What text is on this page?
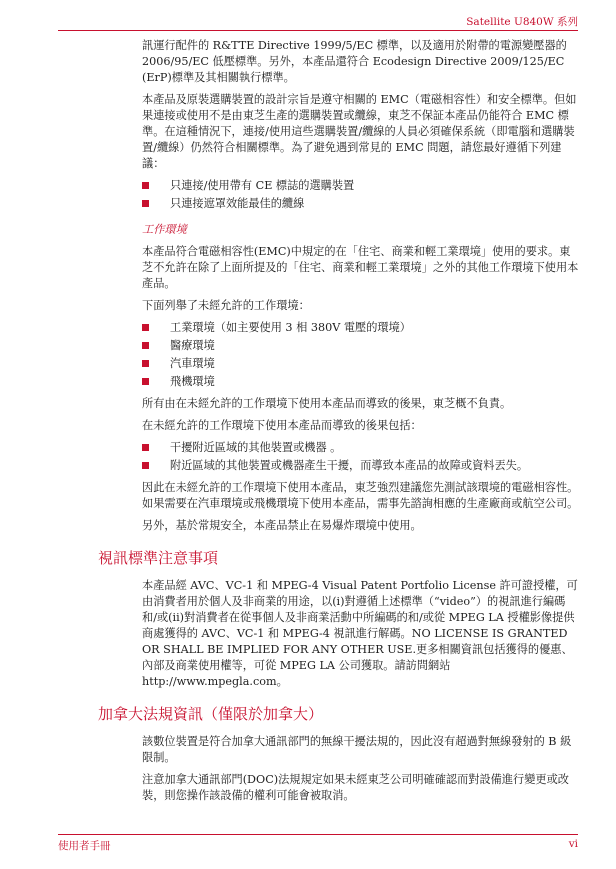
Satellite U840W 系列

訊運行配件的 R&TTE Directive 1999/5/EC 標準，以及適用於附帶的電源變壓器的 2006/95/EC 低壓標準。另外，本產品還符合 Ecodesign Directive 2009/125/EC (ErP)標準及其相關執行標準。

本產品及原裝選購裝置的設計宗旨是遵守相關的 EMC（電磁相容性）和安全標準。但如果連接或使用不是由東芝生產的選購裝置或纜線，東芝不保証本產品仍能符合 EMC 標準。在這種情況下，連接/使用這些選購裝置/纜線的人員必須確保系統（即電腦和選購裝置/纜線）仍然符合相關標準。為了避免遇到常見的 EMC 問題，請您最好遵循下列建議：

只連接/使用帶有 CE 標誌的選購裝置
只連接遮罩效能最佳的纜線
工作環境

本產品符合電磁相容性(EMC)中規定的在「住宅、商業和輕工業環境」使用的要求。東芝不允許在除了上面所提及的「住宅、商業和輕工業環境」之外的其他工作環境下使用本產品。

下面列舉了未經允許的工作環境：

工業環境（如主要使用 3 相 380V 電壓的環境）
醫療環境
汽車環境
飛機環境

所有由在未經允許的工作環境下使用本產品而導致的後果，東芝概不負責。

在未經允許的工作環境下使用本產品而導致的後果包括：

干擾附近區域的其他裝置或機器 。
附近區域的其他裝置或機器產生干擾，而導致本產品的故障或資料丟失。

因此在未經允許的工作環境下使用本產品，東芝強烈建議您先測試該環境的電磁相容性。如果需要在汽車環境或飛機環境下使用本產品，需事先諮詢相應的生產廠商或航空公司。

另外，基於常規安全，本產品禁止在易爆炸環境中使用。

視訊標準注意事項

本產品經 AVC、VC-1 和 MPEG-4 Visual Patent Portfolio License 許可證授權，可由消費者用於個人及非商業的用途，以(i)對遵循上述標準（“video”）的視訊進行編碼和/或(ii)對消費者在從事個人及非商業活動中所編碼的和/或從 MPEG LA 授權影像提供商處獲得的 AVC、VC-1 和 MPEG-4 視訊進行解碼。NO LICENSE IS GRANTED OR SHALL BE IMPLIED FOR ANY OTHER USE.更多相關資訊包括獲得的優惠、內部及商業使用權等，可從 MPEG LA 公司獲取。請訪問網站 http://www.mpegla.com。

加拿大法規資訊（僅限於加拿大）

該數位裝置是符合加拿大通訊部門的無線干擾法規的，因此沒有超過對無線發射的 B 級限制。

注意加拿大通訊部門(DOC)法規規定如果未經東芝公司明確確認而對設備進行變更或改裝，則您操作該設備的權利可能會被取消。

使用者手冊	vi
